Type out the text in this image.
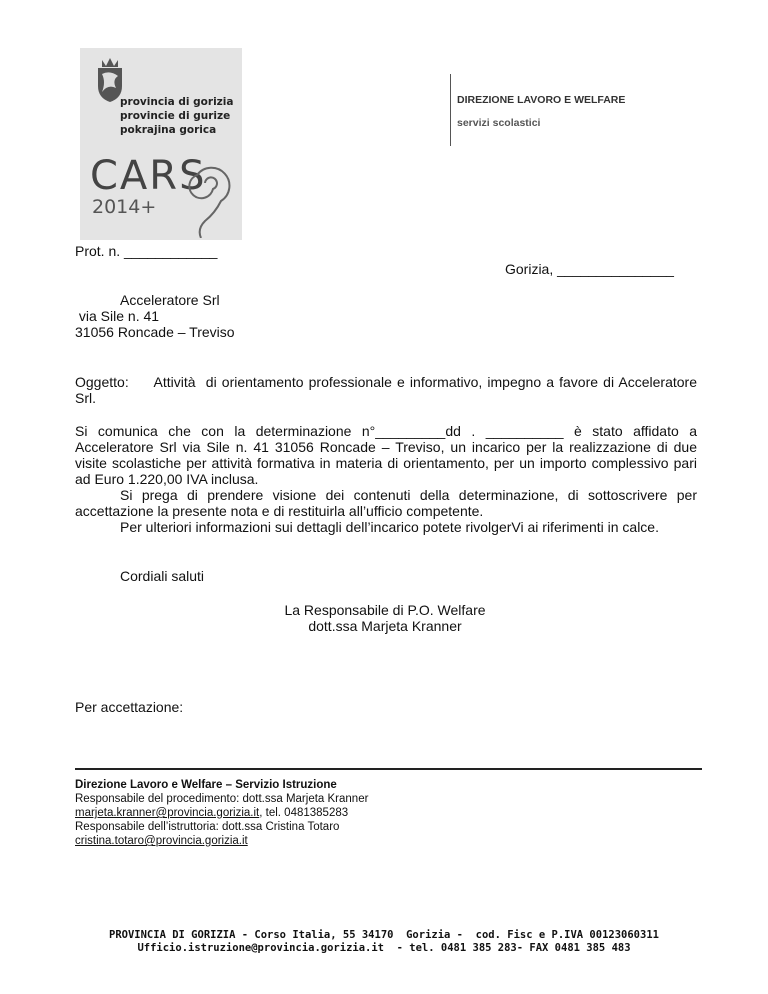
provincia di gorizia
provincie di gurize
pokrajina gorica
CARS
2014+
DIREZIONE LAVORO E WELFARE
servizi scolastici
Prot. n. ____________
Gorizia, _______________
Acceleratore Srl
via Sile n. 41
31056 Roncade – Treviso
Oggetto:     Attività  di orientamento professionale e informativo, impegno a favore di Acceleratore Srl.

Si comunica che con la determinazione n°_________dd . __________ è stato affidato a Acceleratore Srl via Sile n. 41 31056 Roncade – Treviso, un incarico per la realizzazione di due visite scolastiche per attività formativa in materia di orientamento, per un importo complessivo pari ad Euro 1.220,00 IVA inclusa.

Si prega di prendere visione dei contenuti della determinazione, di sottoscrivere per accettazione la presente nota e di restituirla all’ufficio competente.

Per ulteriori informazioni sui dettagli dell’incarico potete rivolgerVi ai riferimenti in calce.

Cordiali saluti
La Responsabile di P.O. Welfare
dott.ssa Marjeta Kranner
Per accettazione:
Direzione Lavoro e Welfare – Servizio Istruzione
Responsabile del procedimento: dott.ssa Marjeta Kranner
marjeta.kranner@provincia.gorizia.it, tel. 0481385283
Responsabile dell’istruttoria: dott.ssa Cristina Totaro
cristina.totaro@provincia.gorizia.it
PROVINCIA DI GORIZIA - Corso Italia, 55 34170  Gorizia -  cod. Fisc e P.IVA 00123060311
Ufficio.istruzione@provincia.gorizia.it  - tel. 0481 385 283- FAX 0481 385 483
